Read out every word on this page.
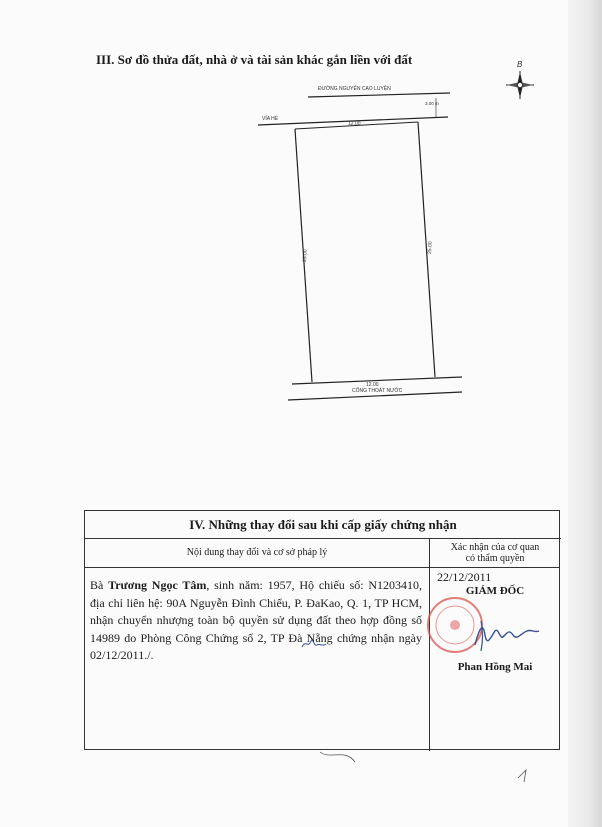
III. Sơ đồ thửa đất, nhà ở và tài sản khác gắn liền với đất
ĐƯỜNG NGUYỄN CAO LUYỆN
VỈA HÈ
3.00 m
12.00
25.00
25.00
12.00
CỐNG THOÁT NƯỚC
B
IV. Những thay đổi sau khi cấp giấy chứng nhận
Nội dung thay đổi và cơ sở pháp lý	Xác nhận của cơ quan
có thẩm quyền
Bà Trương Ngọc Tâm, sinh năm: 1957, Hộ chiếu số: N1203410, địa chỉ liên hệ: 90A Nguyễn Đình Chiểu, P. ĐaKao, Q. 1, TP HCM, nhận chuyển nhượng toàn bộ quyền sử dụng đất theo hợp đồng số 14989 do Phòng Công Chứng số 2, TP Đà Nẵng chứng nhận ngày 02/12/2011./.
22/12/2011
GIÁM ĐỐC
Phan Hồng Mai
